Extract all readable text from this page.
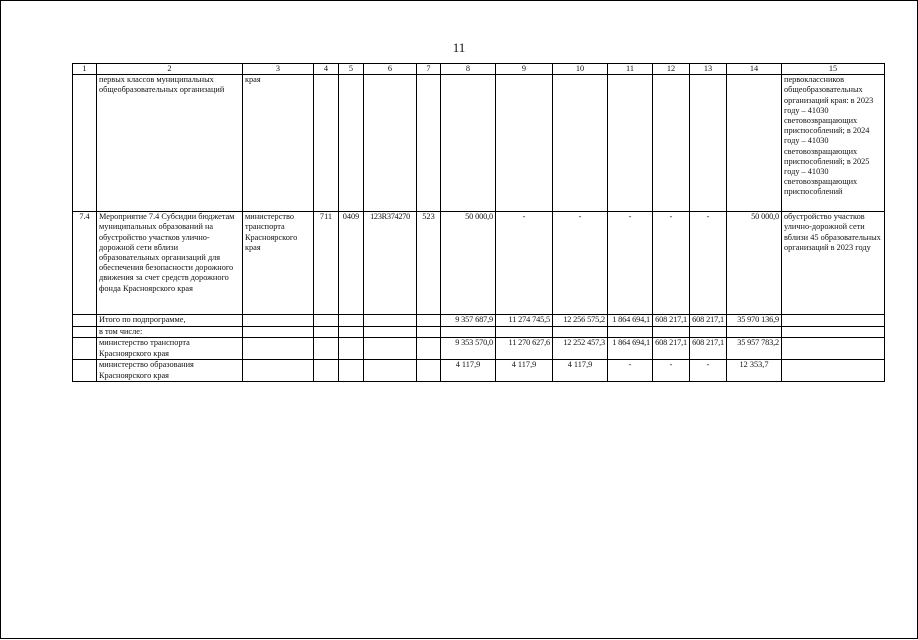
11
1	2	3	4	5	6	7	8	9	10	11	12	13	14	15
	первых классов муниципальных общеобразовательных организаций	края												первоклассников общеобразовательных организаций края: в 2023 году – 41030 световозвращающих приспособлений; в 2024 году – 41030 световозвращающих приспособлений; в 2025 году – 41030 световозвращающих приспособлений
7.4	Мероприятие 7.4 Субсидии бюджетам муниципальных образований на обустройство участков улично-дорожной сети вблизи образовательных организаций для обеспечения безопасности дорожного движения за счет средств дорожного фонда Красноярского края	министерство транспорта Красноярского края	711	0409	123R374270	523	50 000,0	-	-	-	-	-	50 000,0	обустройство участков улично-дорожной сети вблизи 45 образовательных организаций в 2023 году
	Итого по подпрограмме,						9 357 687,9	11 274 745,5	12 256 575,2	1 864 694,1	608 217,1	608 217,1	35 970 136,9	
	в том числе:													
	министерство транспорта Красноярского края						9 353 570,0	11 270 627,6	12 252 457,3	1 864 694,1	608 217,1	608 217,1	35 957 783,2	
	министерство образования Красноярского края						4 117,9	4 117,9	4 117,9	-	-	-	12 353,7	
